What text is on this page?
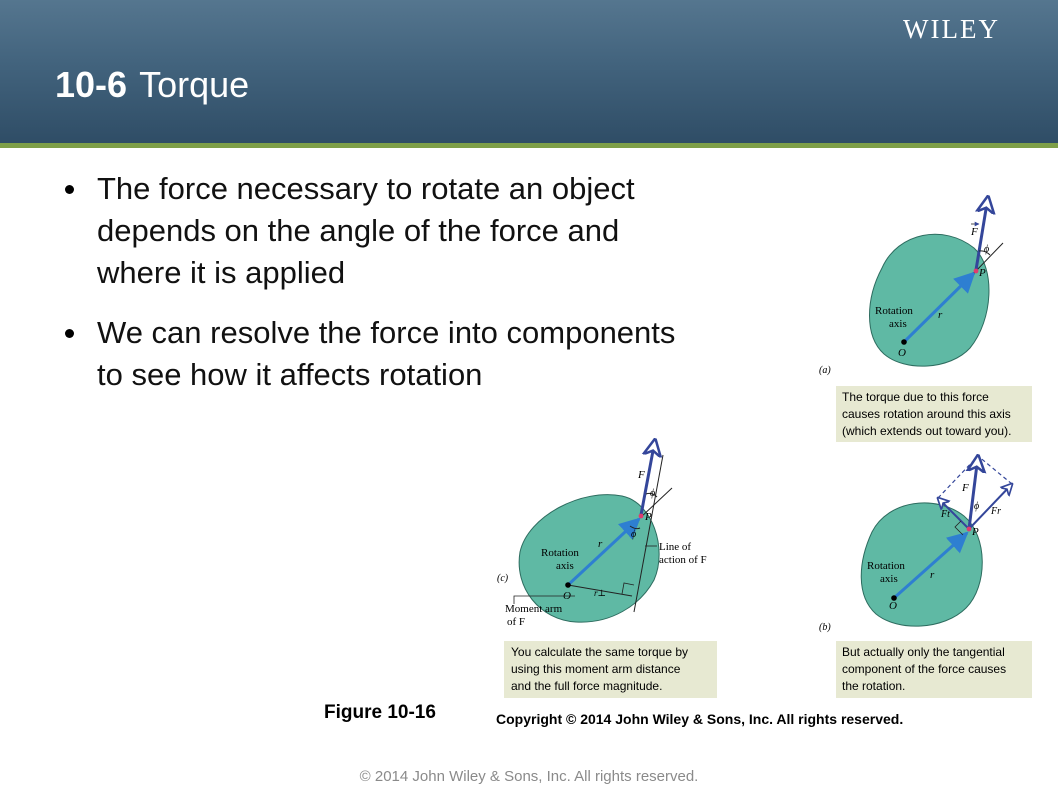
WILEY
10-6 Torque
The force necessary to rotate an object depends on the angle of the force and where it is applied
We can resolve the force into components to see how it affects rotation
Rotation
axis
O
P
F
r
ϕ
(a)
The torque due to this force
causes rotation around this axis
(which extends out toward you).
Rotation
axis
O
P
F
r
ϕ
Ft	Fr
(b)
But actually only the tangential
component of the force causes
the rotation.
Rotation
axis
O
P
F
r
ϕ
ϕ
r⊥
Line of
action of F
Moment arm
of F
(c)
You calculate the same torque by
using this moment arm distance
and the full force magnitude.
Figure 10-16	Copyright © 2014 John Wiley & Sons, Inc. All rights reserved.
© 2014 John Wiley & Sons, Inc. All rights reserved.
